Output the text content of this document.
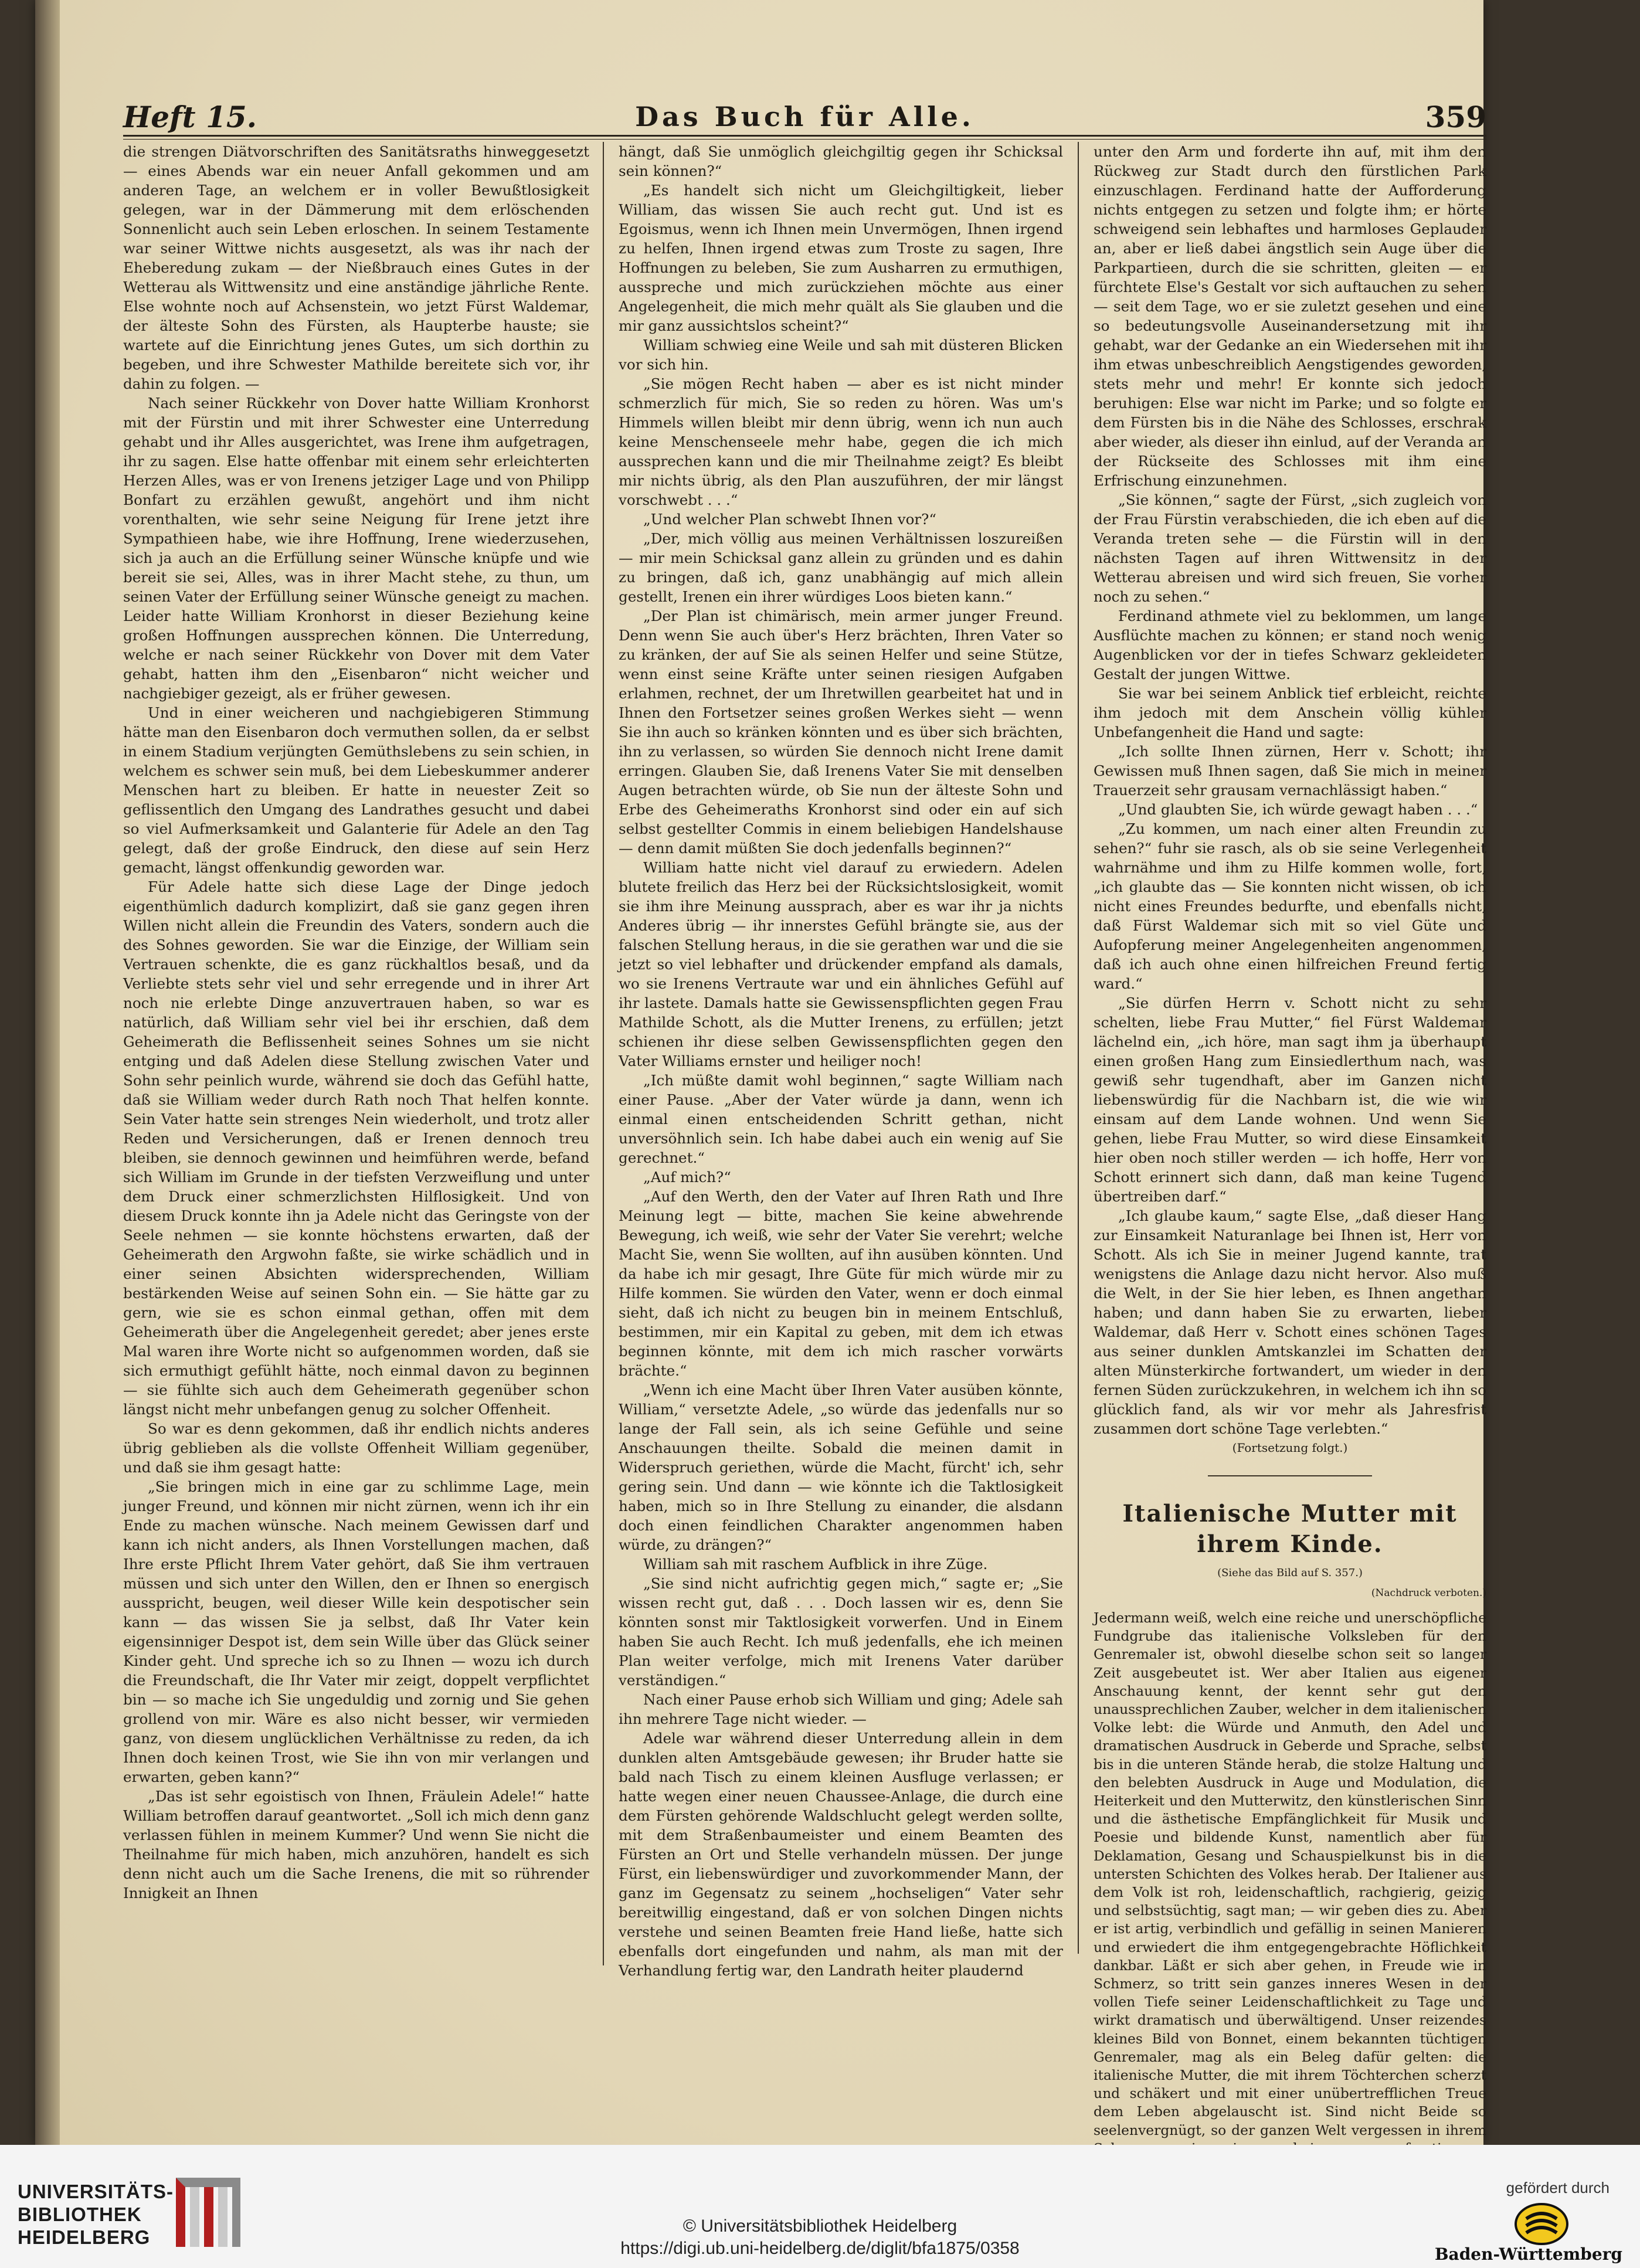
Heft 15.	Das Buch für Alle.	359

die strengen Diätvorschriften des Sanitätsraths hinweggesetzt — eines Abends war ein neuer Anfall gekommen und am anderen Tage, an welchem er in voller Bewußtlosigkeit gelegen, war in der Dämmerung mit dem erlöschenden Sonnenlicht auch sein Leben erloschen. In seinem Testamente war seiner Wittwe nichts ausgesetzt, als was ihr nach der Eheberedung zukam — der Nießbrauch eines Gutes in der Wetterau als Wittwensitz und eine anständige jährliche Rente. Else wohnte noch auf Achsenstein, wo jetzt Fürst Waldemar, der älteste Sohn des Fürsten, als Haupterbe hauste; sie wartete auf die Einrichtung jenes Gutes, um sich dorthin zu begeben, und ihre Schwester Mathilde bereitete sich vor, ihr dahin zu folgen. —

Nach seiner Rückkehr von Dover hatte William Kronhorst mit der Fürstin und mit ihrer Schwester eine Unterredung gehabt und ihr Alles ausgerichtet, was Irene ihm aufgetragen, ihr zu sagen. Else hatte offenbar mit einem sehr erleichterten Herzen Alles, was er von Irenens jetziger Lage und von Philipp Bonfart zu erzählen gewußt, angehört und ihm nicht vorenthalten, wie sehr seine Neigung für Irene jetzt ihre Sympathieen habe, wie ihre Hoffnung, Irene wiederzusehen, sich ja auch an die Erfüllung seiner Wünsche knüpfe und wie bereit sie sei, Alles, was in ihrer Macht stehe, zu thun, um seinen Vater der Erfüllung seiner Wünsche geneigt zu machen. Leider hatte William Kronhorst in dieser Beziehung keine großen Hoffnungen aussprechen können. Die Unterredung, welche er nach seiner Rückkehr von Dover mit dem Vater gehabt, hatten ihm den „Eisenbaron“ nicht weicher und nachgiebiger gezeigt, als er früher gewesen.

Und in einer weicheren und nachgiebigeren Stimmung hätte man den Eisenbaron doch vermuthen sollen, da er selbst in einem Stadium verjüngten Gemüthslebens zu sein schien, in welchem es schwer sein muß, bei dem Liebeskummer anderer Menschen hart zu bleiben. Er hatte in neuester Zeit so geflissentlich den Umgang des Landrathes gesucht und dabei so viel Aufmerksamkeit und Galanterie für Adele an den Tag gelegt, daß der große Eindruck, den diese auf sein Herz gemacht, längst offenkundig geworden war.

Für Adele hatte sich diese Lage der Dinge jedoch eigenthümlich dadurch komplizirt, daß sie ganz gegen ihren Willen nicht allein die Freundin des Vaters, sondern auch die des Sohnes geworden. Sie war die Einzige, der William sein Vertrauen schenkte, die es ganz rückhaltlos besaß, und da Verliebte stets sehr viel und sehr erregende und in ihrer Art noch nie erlebte Dinge anzuvertrauen haben, so war es natürlich, daß William sehr viel bei ihr erschien, daß dem Geheimerath die Beflissenheit seines Sohnes um sie nicht entging und daß Adelen diese Stellung zwischen Vater und Sohn sehr peinlich wurde, während sie doch das Gefühl hatte, daß sie William weder durch Rath noch That helfen konnte. Sein Vater hatte sein strenges Nein wiederholt, und trotz aller Reden und Versicherungen, daß er Irenen dennoch treu bleiben, sie dennoch gewinnen und heimführen werde, befand sich William im Grunde in der tiefsten Verzweiflung und unter dem Druck einer schmerzlichsten Hilflosigkeit. Und von diesem Druck konnte ihn ja Adele nicht das Geringste von der Seele nehmen — sie konnte höchstens erwarten, daß der Geheimerath den Argwohn faßte, sie wirke schädlich und in einer seinen Absichten widersprechenden, William bestärkenden Weise auf seinen Sohn ein. — Sie hätte gar zu gern, wie sie es schon einmal gethan, offen mit dem Geheimerath über die Angelegenheit geredet; aber jenes erste Mal waren ihre Worte nicht so aufgenommen worden, daß sie sich ermuthigt gefühlt hätte, noch einmal davon zu beginnen — sie fühlte sich auch dem Geheimerath gegenüber schon längst nicht mehr unbefangen genug zu solcher Offenheit.

So war es denn gekommen, daß ihr endlich nichts anderes übrig geblieben als die vollste Offenheit William gegenüber, und daß sie ihm gesagt hatte:

„Sie bringen mich in eine gar zu schlimme Lage, mein junger Freund, und können mir nicht zürnen, wenn ich ihr ein Ende zu machen wünsche. Nach meinem Gewissen darf und kann ich nicht anders, als Ihnen Vorstellungen machen, daß Ihre erste Pflicht Ihrem Vater gehört, daß Sie ihm vertrauen müssen und sich unter den Willen, den er Ihnen so energisch ausspricht, beugen, weil dieser Wille kein despotischer sein kann — das wissen Sie ja selbst, daß Ihr Vater kein eigensinniger Despot ist, dem sein Wille über das Glück seiner Kinder geht. Und spreche ich so zu Ihnen — wozu ich durch die Freundschaft, die Ihr Vater mir zeigt, doppelt verpflichtet bin — so mache ich Sie ungeduldig und zornig und Sie gehen grollend von mir. Wäre es also nicht besser, wir vermieden ganz, von diesem unglücklichen Verhältnisse zu reden, da ich Ihnen doch keinen Trost, wie Sie ihn von mir verlangen und erwarten, geben kann?“

„Das ist sehr egoistisch von Ihnen, Fräulein Adele!“ hatte William betroffen darauf geantwortet. „Soll ich mich denn ganz verlassen fühlen in meinem Kummer? Und wenn Sie nicht die Theilnahme für mich haben, mich anzuhören, handelt es sich denn nicht auch um die Sache Irenens, die mit so rührender Innigkeit an Ihnen

hängt, daß Sie unmöglich gleichgiltig gegen ihr Schicksal sein können?“

„Es handelt sich nicht um Gleichgiltigkeit, lieber William, das wissen Sie auch recht gut. Und ist es Egoismus, wenn ich Ihnen mein Unvermögen, Ihnen irgend zu helfen, Ihnen irgend etwas zum Troste zu sagen, Ihre Hoffnungen zu beleben, Sie zum Ausharren zu ermuthigen, ausspreche und mich zurückziehen möchte aus einer Angelegenheit, die mich mehr quält als Sie glauben und die mir ganz aussichtslos scheint?“

William schwieg eine Weile und sah mit düsteren Blicken vor sich hin.

„Sie mögen Recht haben — aber es ist nicht minder schmerzlich für mich, Sie so reden zu hören. Was um's Himmels willen bleibt mir denn übrig, wenn ich nun auch keine Menschenseele mehr habe, gegen die ich mich aussprechen kann und die mir Theilnahme zeigt? Es bleibt mir nichts übrig, als den Plan auszuführen, der mir längst vorschwebt . . .“

„Und welcher Plan schwebt Ihnen vor?“

„Der, mich völlig aus meinen Verhältnissen loszureißen — mir mein Schicksal ganz allein zu gründen und es dahin zu bringen, daß ich, ganz unabhängig auf mich allein gestellt, Irenen ein ihrer würdiges Loos bieten kann.“

„Der Plan ist chimärisch, mein armer junger Freund. Denn wenn Sie auch über's Herz brächten, Ihren Vater so zu kränken, der auf Sie als seinen Helfer und seine Stütze, wenn einst seine Kräfte unter seinen riesigen Aufgaben erlahmen, rechnet, der um Ihretwillen gearbeitet hat und in Ihnen den Fortsetzer seines großen Werkes sieht — wenn Sie ihn auch so kränken könnten und es über sich brächten, ihn zu verlassen, so würden Sie dennoch nicht Irene damit erringen. Glauben Sie, daß Irenens Vater Sie mit denselben Augen betrachten würde, ob Sie nun der älteste Sohn und Erbe des Geheimeraths Kronhorst sind oder ein auf sich selbst gestellter Commis in einem beliebigen Handelshause — denn damit müßten Sie doch jedenfalls beginnen?“

William hatte nicht viel darauf zu erwiedern. Adelen blutete freilich das Herz bei der Rücksichtslosigkeit, womit sie ihm ihre Meinung aussprach, aber es war ihr ja nichts Anderes übrig — ihr innerstes Gefühl brängte sie, aus der falschen Stellung heraus, in die sie gerathen war und die sie jetzt so viel lebhafter und drückender empfand als damals, wo sie Irenens Vertraute war und ein ähnliches Gefühl auf ihr lastete. Damals hatte sie Gewissenspflichten gegen Frau Mathilde Schott, als die Mutter Irenens, zu erfüllen; jetzt schienen ihr diese selben Gewissenspflichten gegen den Vater Williams ernster und heiliger noch!

„Ich müßte damit wohl beginnen,“ sagte William nach einer Pause. „Aber der Vater würde ja dann, wenn ich einmal einen entscheidenden Schritt gethan, nicht unversöhnlich sein. Ich habe dabei auch ein wenig auf Sie gerechnet.“

„Auf mich?“

„Auf den Werth, den der Vater auf Ihren Rath und Ihre Meinung legt — bitte, machen Sie keine abwehrende Bewegung, ich weiß, wie sehr der Vater Sie verehrt; welche Macht Sie, wenn Sie wollten, auf ihn ausüben könnten. Und da habe ich mir gesagt, Ihre Güte für mich würde mir zu Hilfe kommen. Sie würden den Vater, wenn er doch einmal sieht, daß ich nicht zu beugen bin in meinem Entschluß, bestimmen, mir ein Kapital zu geben, mit dem ich etwas beginnen könnte, mit dem ich mich rascher vorwärts brächte.“

„Wenn ich eine Macht über Ihren Vater ausüben könnte, William,“ versetzte Adele, „so würde das jedenfalls nur so lange der Fall sein, als ich seine Gefühle und seine Anschauungen theilte. Sobald die meinen damit in Widerspruch geriethen, würde die Macht, fürcht' ich, sehr gering sein. Und dann — wie könnte ich die Taktlosigkeit haben, mich so in Ihre Stellung zu einander, die alsdann doch einen feindlichen Charakter angenommen haben würde, zu drängen?“

William sah mit raschem Aufblick in ihre Züge.

„Sie sind nicht aufrichtig gegen mich,“ sagte er; „Sie wissen recht gut, daß . . . Doch lassen wir es, denn Sie könnten sonst mir Taktlosigkeit vorwerfen. Und in Einem haben Sie auch Recht. Ich muß jedenfalls, ehe ich meinen Plan weiter verfolge, mich mit Irenens Vater darüber verständigen.“

Nach einer Pause erhob sich William und ging; Adele sah ihn mehrere Tage nicht wieder. —

Adele war während dieser Unterredung allein in dem dunklen alten Amtsgebäude gewesen; ihr Bruder hatte sie bald nach Tisch zu einem kleinen Ausfluge verlassen; er hatte wegen einer neuen Chaussee-Anlage, die durch eine dem Fürsten gehörende Waldschlucht gelegt werden sollte, mit dem Straßenbaumeister und einem Beamten des Fürsten an Ort und Stelle verhandeln müssen. Der junge Fürst, ein liebenswürdiger und zuvorkommender Mann, der ganz im Gegensatz zu seinem „hochseligen“ Vater sehr bereitwillig eingestand, daß er von solchen Dingen nichts verstehe und seinen Beamten freie Hand ließe, hatte sich ebenfalls dort eingefunden und nahm, als man mit der Verhandlung fertig war, den Landrath heiter plaudernd

unter den Arm und forderte ihn auf, mit ihm den Rückweg zur Stadt durch den fürstlichen Park einzuschlagen. Ferdinand hatte der Aufforderung nichts entgegen zu setzen und folgte ihm; er hörte schweigend sein lebhaftes und harmloses Geplauder an, aber er ließ dabei ängstlich sein Auge über die Parkpartieen, durch die sie schritten, gleiten — er fürchtete Else's Gestalt vor sich auftauchen zu sehen — seit dem Tage, wo er sie zuletzt gesehen und eine so bedeutungsvolle Auseinandersetzung mit ihr gehabt, war der Gedanke an ein Wiedersehen mit ihr ihm etwas unbeschreiblich Aengstigendes geworden, stets mehr und mehr! Er konnte sich jedoch beruhigen: Else war nicht im Parke; und so folgte er dem Fürsten bis in die Nähe des Schlosses, erschrak aber wieder, als dieser ihn einlud, auf der Veranda an der Rückseite des Schlosses mit ihm eine Erfrischung einzunehmen.

„Sie können,“ sagte der Fürst, „sich zugleich von der Frau Fürstin verabschieden, die ich eben auf die Veranda treten sehe — die Fürstin will in den nächsten Tagen auf ihren Wittwensitz in der Wetterau abreisen und wird sich freuen, Sie vorher noch zu sehen.“

Ferdinand athmete viel zu beklommen, um lange Ausflüchte machen zu können; er stand noch wenig Augenblicken vor der in tiefes Schwarz gekleideten Gestalt der jungen Wittwe.

Sie war bei seinem Anblick tief erbleicht, reichte ihm jedoch mit dem Anschein völlig kühler Unbefangenheit die Hand und sagte:

„Ich sollte Ihnen zürnen, Herr v. Schott; ihr Gewissen muß Ihnen sagen, daß Sie mich in meiner Trauerzeit sehr grausam vernachlässigt haben.“

„Und glaubten Sie, ich würde gewagt haben . . .“

„Zu kommen, um nach einer alten Freundin zu sehen?“ fuhr sie rasch, als ob sie seine Verlegenheit wahrnähme und ihm zu Hilfe kommen wolle, fort, „ich glaubte das — Sie konnten nicht wissen, ob ich nicht eines Freundes bedurfte, und ebenfalls nicht, daß Fürst Waldemar sich mit so viel Güte und Aufopferung meiner Angelegenheiten angenommen, daß ich auch ohne einen hilfreichen Freund fertig ward.“

„Sie dürfen Herrn v. Schott nicht zu sehr schelten, liebe Frau Mutter,“ fiel Fürst Waldemar lächelnd ein, „ich höre, man sagt ihm ja überhaupt einen großen Hang zum Einsiedlerthum nach, was gewiß sehr tugendhaft, aber im Ganzen nicht liebenswürdig für die Nachbarn ist, die wie wir einsam auf dem Lande wohnen. Und wenn Sie gehen, liebe Frau Mutter, so wird diese Einsamkeit hier oben noch stiller werden — ich hoffe, Herr von Schott erinnert sich dann, daß man keine Tugend übertreiben darf.“

„Ich glaube kaum,“ sagte Else, „daß dieser Hang zur Einsamkeit Naturanlage bei Ihnen ist, Herr von Schott. Als ich Sie in meiner Jugend kannte, trat wenigstens die Anlage dazu nicht hervor. Also muß die Welt, in der Sie hier leben, es Ihnen angethan haben; und dann haben Sie zu erwarten, lieber Waldemar, daß Herr v. Schott eines schönen Tages aus seiner dunklen Amtskanzlei im Schatten der alten Münsterkirche fortwandert, um wieder in den fernen Süden zurückzukehren, in welchem ich ihn so glücklich fand, als wir vor mehr als Jahresfrist zusammen dort schöne Tage verlebten.“

(Fortsetzung folgt.)

Italienische Mutter mit ihrem Kinde.
(Siehe das Bild auf S. 357.)
(Nachdruck verboten.)

Jedermann weiß, welch eine reiche und unerschöpfliche Fundgrube das italienische Volksleben für den Genremaler ist, obwohl dieselbe schon seit so langer Zeit ausgebeutet ist. Wer aber Italien aus eigener Anschauung kennt, der kennt sehr gut den unaussprechlichen Zauber, welcher in dem italienischen Volke lebt: die Würde und Anmuth, den Adel und dramatischen Ausdruck in Geberde und Sprache, selbst bis in die unteren Stände herab, die stolze Haltung und den belebten Ausdruck in Auge und Modulation, die Heiterkeit und den Mutterwitz, den künstlerischen Sinn und die ästhetische Empfänglichkeit für Musik und Poesie und bildende Kunst, namentlich aber für Deklamation, Gesang und Schauspielkunst bis in die untersten Schichten des Volkes herab. Der Italiener aus dem Volk ist roh, leidenschaftlich, rachgierig, geizig und selbstsüchtig, sagt man; — wir geben dies zu. Aber er ist artig, verbindlich und gefällig in seinen Manieren und erwiedert die ihm entgegengebrachte Höflichkeit dankbar. Läßt er sich aber gehen, in Freude wie in Schmerz, so tritt sein ganzes inneres Wesen in der vollen Tiefe seiner Leidenschaftlichkeit zu Tage und wirkt dramatisch und überwältigend. Unser reizendes kleines Bild von Bonnet, einem bekannten tüchtigen Genremaler, mag als ein Beleg dafür gelten: die italienische Mutter, die mit ihrem Töchterchen scherzt und schäkert und mit einer unübertrefflichen Treue dem Leben abgelauscht ist. Sind nicht Beide so seelenvergnügt, so der ganzen Welt vergessen in ihrem

UNIVERSITÄTS-
BIBLIOTHEK
HEIDELBERG
© Universitätsbibliothek Heidelberg
https://digi.ub.uni-heidelberg.de/diglit/bfa1875/0358
gefördert durch
Baden-Württemberg
